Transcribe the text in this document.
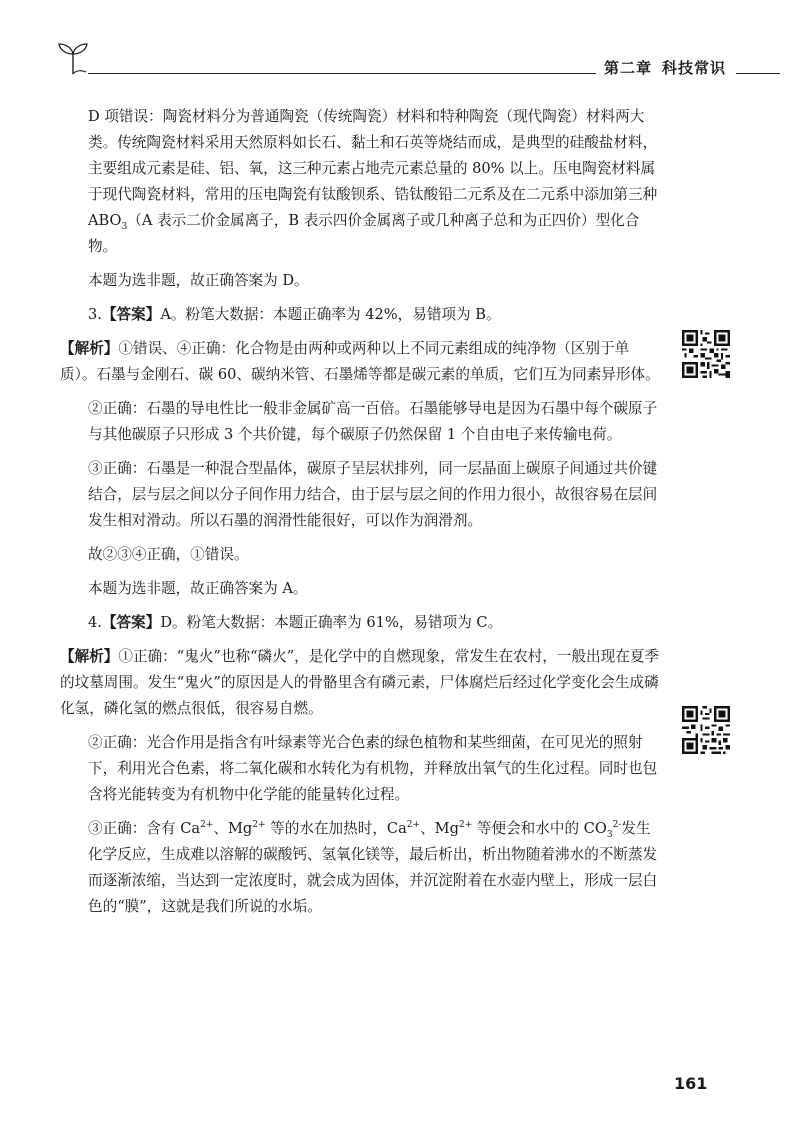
第二章 科技常识

D 项错误：陶瓷材料分为普通陶瓷（传统陶瓷）材料和特种陶瓷（现代陶瓷）材料两大类。传统陶瓷材料采用天然原料如长石、黏土和石英等烧结而成，是典型的硅酸盐材料，主要组成元素是硅、铝、氧，这三种元素占地壳元素总量的 80% 以上。压电陶瓷材料属于现代陶瓷材料，常用的压电陶瓷有钛酸钡系、锆钛酸铅二元系及在二元系中添加第三种 $ABO_3(A$ 表示二价金属离子，B 表示四价金属离子或几种离子总和为正四价）型化合物。

本题为选非题，故正确答案为 D。

3.【答案】A。粉笔大数据：本题正确率为 42%，易错项为 B。

【解析】①错误、④正确：化合物是由两种或两种以上不同元素组成的纯净物（区别于单质）。石墨与金刚石、碳 60、碳纳米管、石墨烯等都是碳元素的单质，它们互为同素异形体。

②正确：石墨的导电性比一般非金属矿高一百倍。石墨能够导电是因为石墨中每个碳原子与其他碳原子只形成 3 个共价键，每个碳原子仍然保留 1 个自由电子来传输电荷。

③正确：石墨是一种混合型晶体，碳原子呈层状排列，同一层晶面上碳原子间通过共价键结合，层与层之间以分子间作用力结合，由于层与层之间的作用力很小，故很容易在层间发生相对滑动。所以石墨的润滑性能很好，可以作为润滑剂。

故②③④正确，①错误。

本题为选非题，故正确答案为 A。

4.【答案】D。粉笔大数据：本题正确率为 61%，易错项为 C。

【解析】①正确：“鬼火”也称“磷火”，是化学中的自燃现象，常发生在农村，一般出现在夏季的坟墓周围。发生“鬼火”的原因是人的骨骼里含有磷元素，尸体腐烂后经过化学变化会生成磷化氢，磷化氢的燃点很低，很容易自燃。

②正确：光合作用是指含有叶绿素等光合色素的绿色植物和某些细菌，在可见光的照射下，利用光合色素，将二氧化碳和水转化为有机物，并释放出氧气的生化过程。同时也包含将光能转变为有机物中化学能的能量转化过程。

③正确：含有 $Ca^{2+}$、$Mg^{2+}$ 等的水在加热时，$Ca^{2+}$、$Mg^{2+}$ 等便会和水中的 $CO_3^{2-}$发生化学反应，生成难以溶解的碳酸钙、氢氧化镁等，最后析出，析出物随着沸水的不断蒸发而逐渐浓缩，当达到一定浓度时，就会成为固体，并沉淀附着在水壶内壁上，形成一层白色的“膜”，这就是我们所说的水垢。

161
